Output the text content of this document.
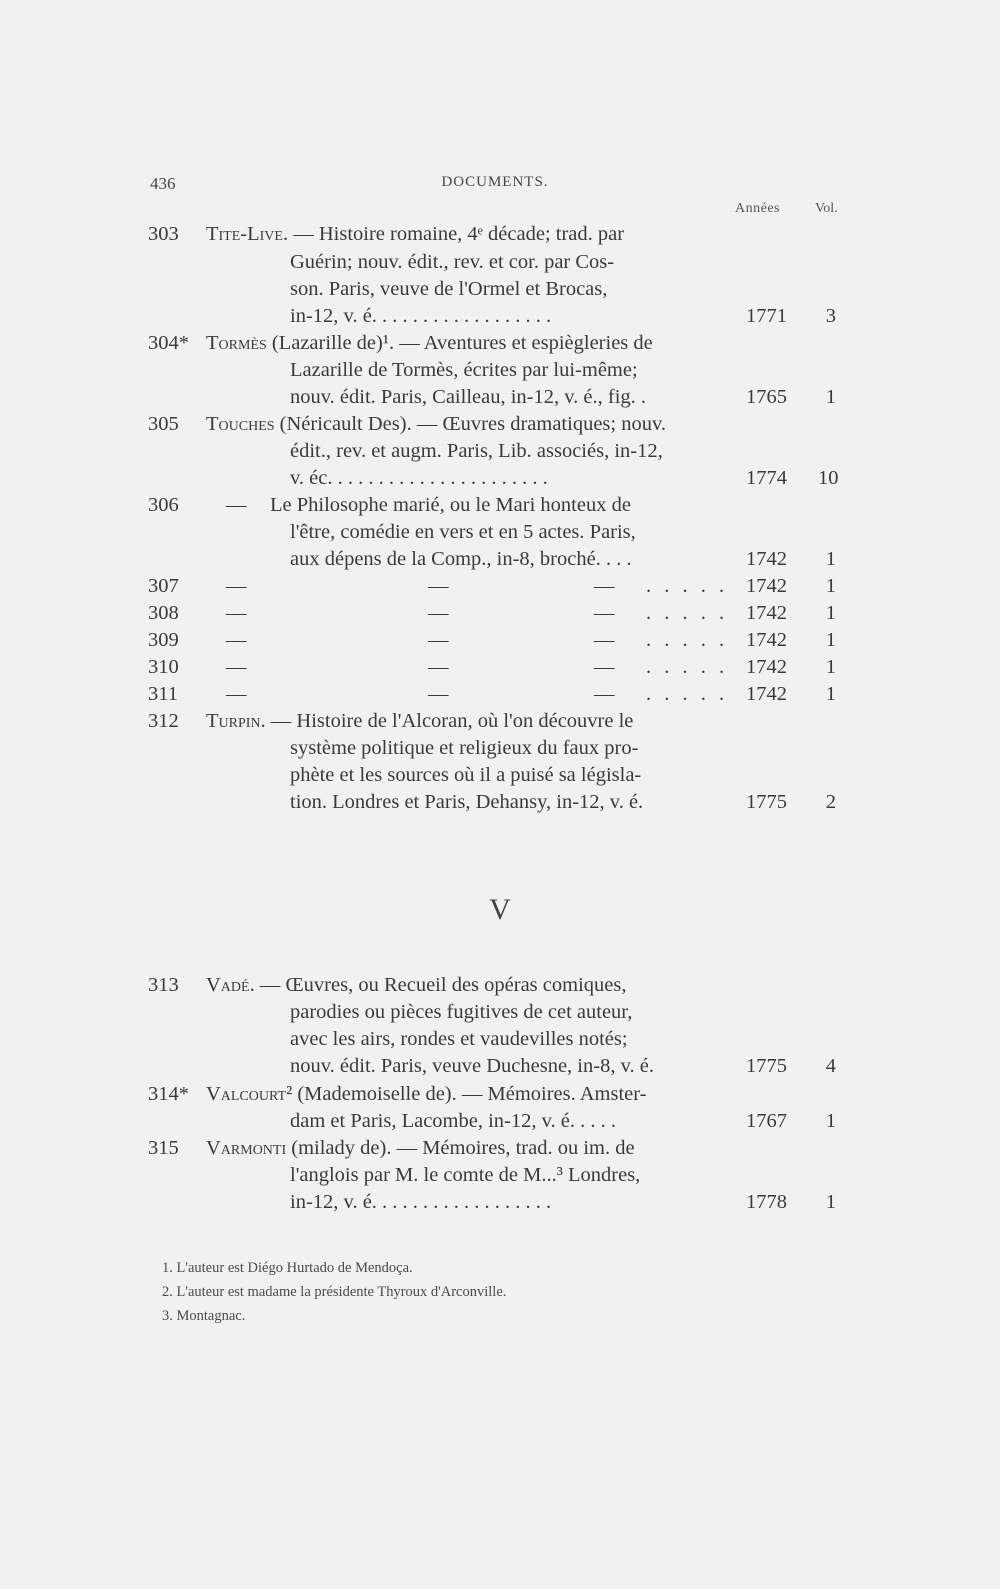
436	DOCUMENTS.
Années	Vol.
303 Tite-Live. — Histoire romaine, 4ᵉ décade; trad. par
Guérin; nouv. édit., rev. et cor. par Cos-
son. Paris, veuve de l'Ormel et Brocas,
in-12, v. é. . . . . . . . . . . . . . . . . .	1771	3
304* Tormès (Lazarille de)¹. — Aventures et espiègleries de
Lazarille de Tormès, écrites par lui-même;
nouv. édit. Paris, Cailleau, in-12, v. é., fig. .	1765	1
305 Touches (Néricault Des). — Œuvres dramatiques; nouv.
édit., rev. et augm. Paris, Lib. associés, in-12,
v. éc. . . . . . . . . . . . . . . . . . . . . .	1774 10
306 — Le Philosophe marié, ou le Mari honteux de
l'être, comédie en vers et en 5 actes. Paris,
aux dépens de la Comp., in-8, broché. . . .	1742	1
307 —	—	— . . . . . 1742	1
308 —	—	— . . . . . 1742	1
309 —	—	— . . . . . 1742	1
310 —	—	— . . . . . 1742	1
311 —	—	— . . . . . 1742	1
312 Turpin. — Histoire de l'Alcoran, où l'on découvre le
système politique et religieux du faux pro-
phète et les sources où il a puisé sa législa-
tion. Londres et Paris, Dehansy, in-12, v. é.	1775	2
313 Vadé. — Œuvres, ou Recueil des opéras comiques,
parodies ou pièces fugitives de cet auteur,
avec les airs, rondes et vaudevilles notés;
nouv. édit. Paris, veuve Duchesne, in-8, v. é.	1775	4
314* Valcourt² (Mademoiselle de). — Mémoires. Amster-
dam et Paris, Lacombe, in-12, v. é. . . . .	1767	1
315 Varmonti (milady de). — Mémoires, trad. ou im. de
l'anglois par M. le comte de M...³ Londres,
in-12, v. é. . . . . . . . . . . . . . . . . .	1778	1
V
1. L'auteur est Diégo Hurtado de Mendoça.
2. L'auteur est madame la présidente Thyroux d'Arconville.
3. Montagnac.
